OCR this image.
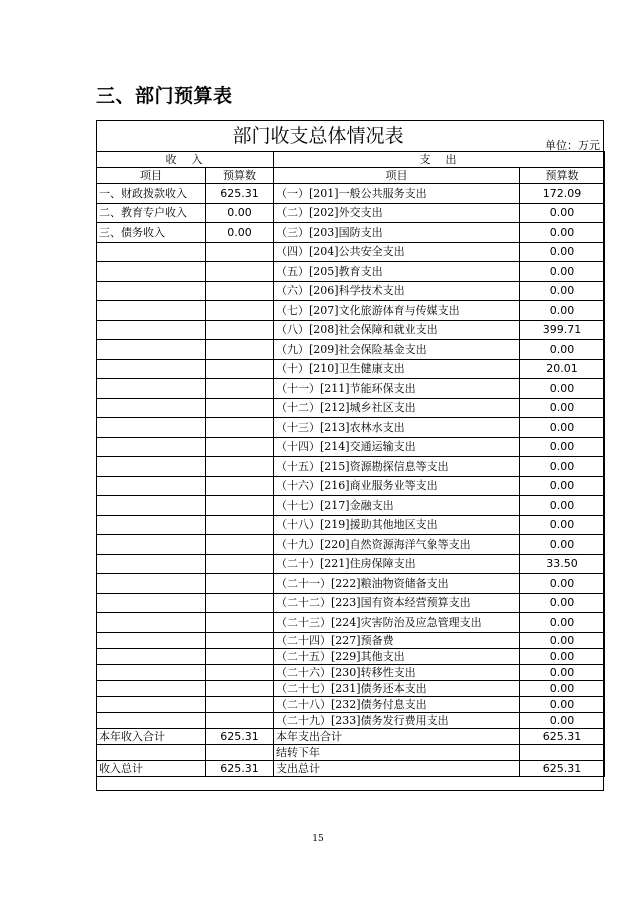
三、部门预算表
部门收支总体情况表	单位：万元
收　入		支　出	
项目	预算数	项目	预算数
一、财政拨款收入	625.31	（一）[201]一般公共服务支出	172.09
二、教育专户收入	0.00	（二）[202]外交支出	0.00
三、债务收入	0.00	（三）[203]国防支出	0.00
		（四）[204]公共安全支出	0.00
		（五）[205]教育支出	0.00
		（六）[206]科学技术支出	0.00
		（七）[207]文化旅游体育与传媒支出	0.00
		（八）[208]社会保障和就业支出	399.71
		（九）[209]社会保险基金支出	0.00
		（十）[210]卫生健康支出	20.01
		（十一）[211]节能环保支出	0.00
		（十二）[212]城乡社区支出	0.00
		（十三）[213]农林水支出	0.00
		（十四）[214]交通运输支出	0.00
		（十五）[215]资源勘探信息等支出	0.00
		（十六）[216]商业服务业等支出	0.00
		（十七）[217]金融支出	0.00
		（十八）[219]援助其他地区支出	0.00
		（十九）[220]自然资源海洋气象等支出	0.00
		（二十）[221]住房保障支出	33.50
		（二十一）[222]粮油物资储备支出	0.00
		（二十二）[223]国有资本经营预算支出	0.00
		（二十三）[224]灾害防治及应急管理支出	0.00
		（二十四）[227]预备费	0.00
		（二十五）[229]其他支出	0.00
		（二十六）[230]转移性支出	0.00
		（二十七）[231]债务还本支出	0.00
		（二十八）[232]债务付息支出	0.00
		（二十九）[233]债务发行费用支出	0.00
本年收入合计	625.31	本年支出合计	625.31
		结转下年	
收入总计	625.31	支出总计	625.31
15
